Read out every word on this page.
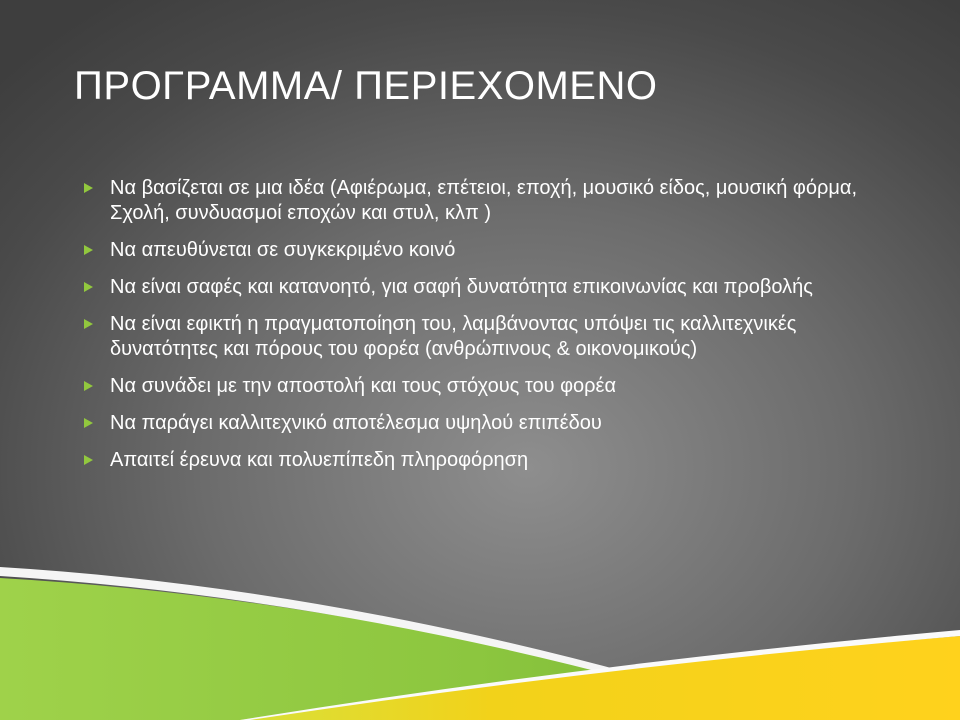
ΠΡΟΓΡΑΜΜΑ/ ΠΕΡΙΕΧΟΜΕΝΟ
Να βασίζεται σε μια ιδέα (Αφιέρωμα, επέτειοι, εποχή, μουσικό είδος, μουσική φόρμα, Σχολή, συνδυασμοί εποχών και στυλ, κλπ )
Να απευθύνεται σε συγκεκριμένο κοινό
Να είναι σαφές και κατανοητό, για σαφή δυνατότητα επικοινωνίας και προβολής
Να είναι εφικτή η πραγματοποίηση του, λαμβάνοντας υπόψει τις καλλιτεχνικές δυνατότητες και πόρους του φορέα (ανθρώπινους & οικονομικούς)
Να συνάδει με την αποστολή και τους στόχους του φορέα
Να παράγει καλλιτεχνικό αποτέλεσμα υψηλού επιπέδου
Απαιτεί έρευνα και πολυεπίπεδη πληροφόρηση
